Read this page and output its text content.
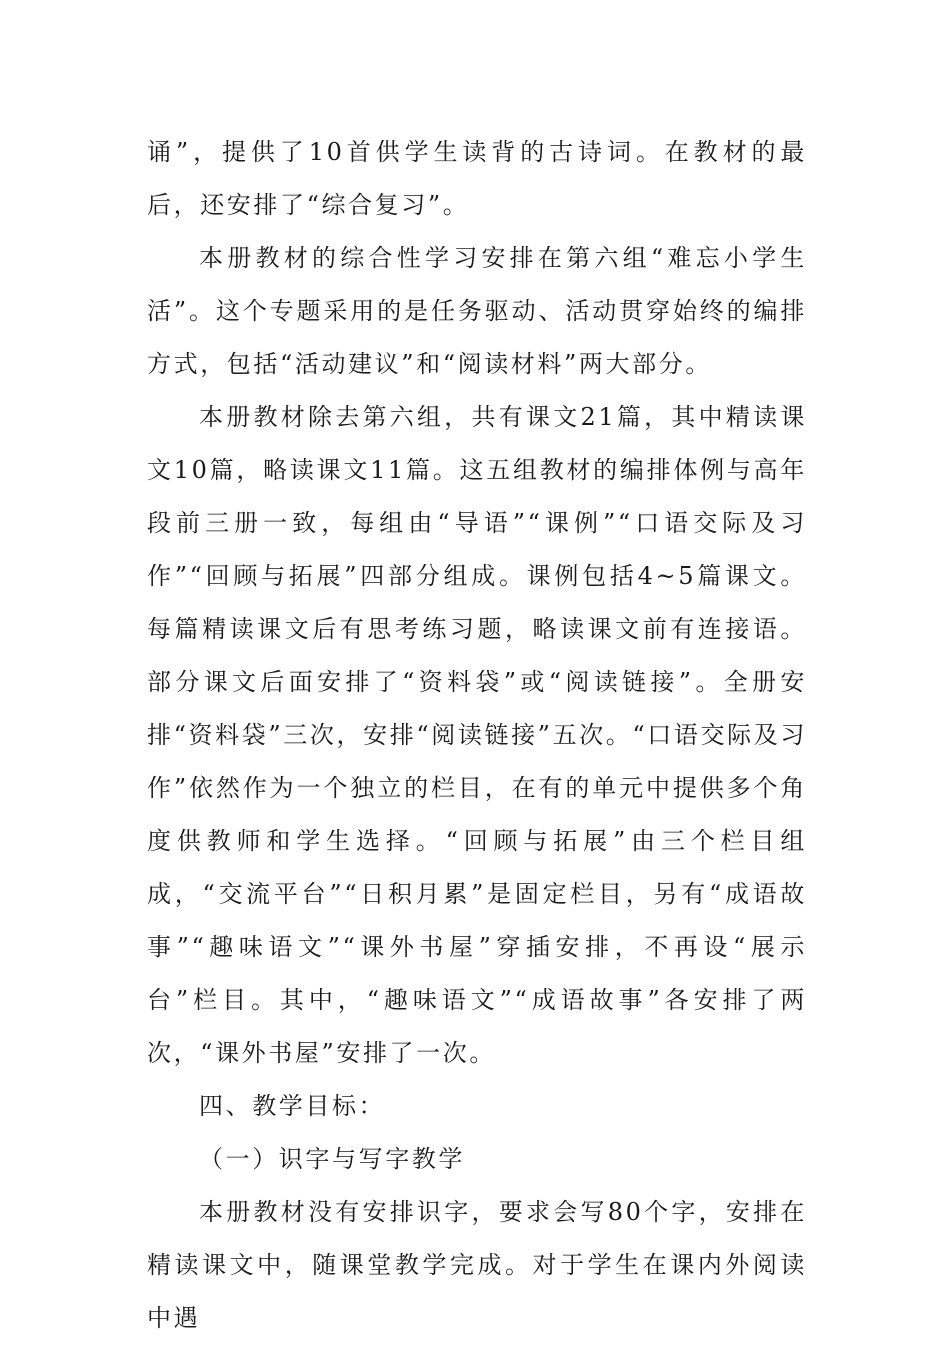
诵”，提供了10首供学生读背的古诗词。在教材的最后，还安排了“综合复习”。

本册教材的综合性学习安排在第六组“难忘小学生活”。这个专题采用的是任务驱动、活动贯穿始终的编排方式，包括“活动建议”和“阅读材料”两大部分。

本册教材除去第六组，共有课文21篇，其中精读课文10篇，略读课文11篇。这五组教材的编排体例与高年段前三册一致，每组由“导语”“课例”“口语交际及习作”“回顾与拓展”四部分组成。课例包括4~5篇课文。每篇精读课文后有思考练习题，略读课文前有连接语。部分课文后面安排了“资料袋”或“阅读链接”。全册安排“资料袋”三次，安排“阅读链接”五次。“口语交际及习作”依然作为一个独立的栏目，在有的单元中提供多个角度供教师和学生选择。“回顾与拓展”由三个栏目组成，“交流平台”“日积月累”是固定栏目，另有“成语故事”“趣味语文”“课外书屋”穿插安排，不再设“展示台”栏目。其中，“趣味语文”“成语故事”各安排了两次，“课外书屋”安排了一次。

四、教学目标：

（一）识字与写字教学

本册教材没有安排识字，要求会写80个字，安排在精读课文中，随课堂教学完成。对于学生在课内外阅读中遇
